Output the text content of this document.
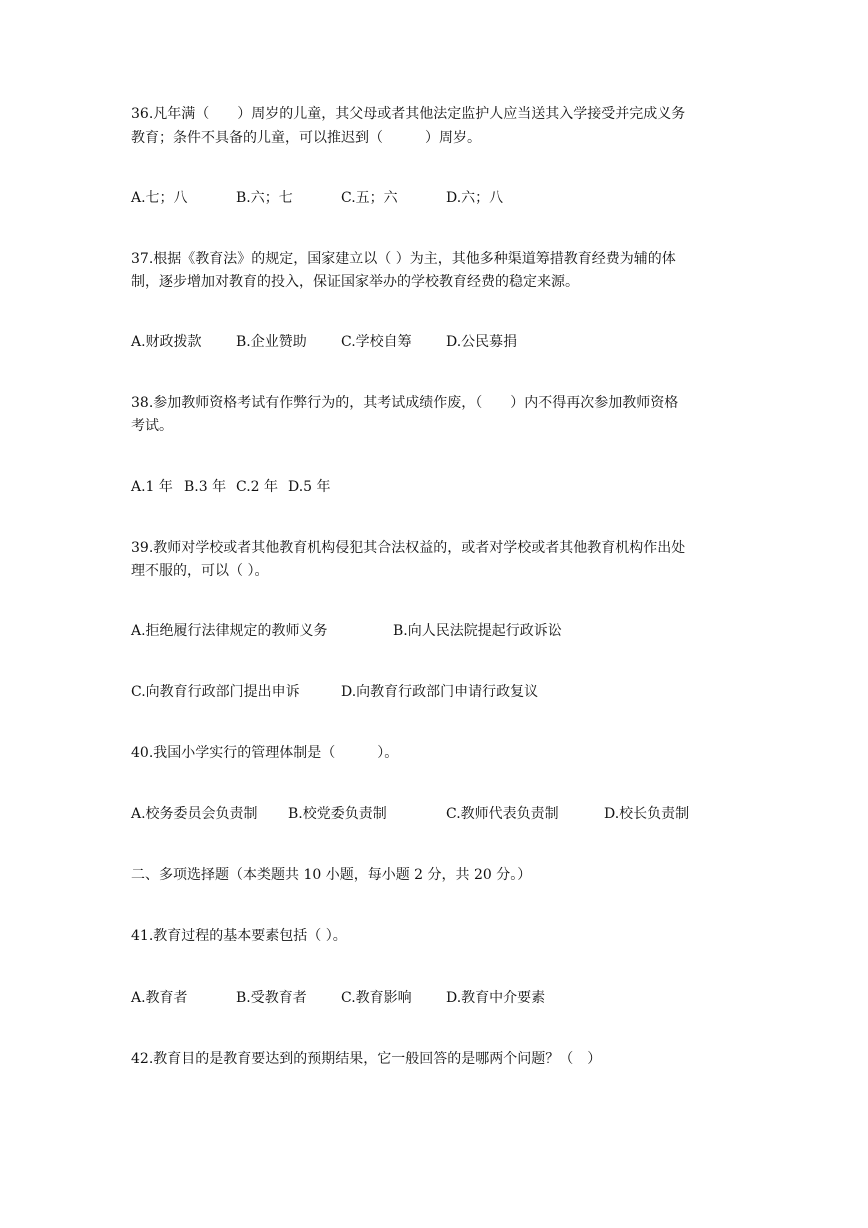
36.凡年满（　　）周岁的儿童，其父母或者其他法定监护人应当送其入学接受并完成义务
教育；条件不具备的儿童，可以推迟到（　　　）周岁。
A.七；八	B.六；七	C.五；六	D.六；八
37.根据《教育法》的规定，国家建立以（ ）为主，其他多种渠道筹措教育经费为辅的体
制，逐步增加对教育的投入，保证国家举办的学校教育经费的稳定来源。
A.财政拨款 B.企业赞助 C.学校自筹 D.公民募捐
38.参加教师资格考试有作弊行为的，其考试成绩作废，（　　）内不得再次参加教师资格
考试。
A.1 年 B.3 年 C.2 年 D.5 年
39.教师对学校或者其他教育机构侵犯其合法权益的，或者对学校或者其他教育机构作出处
理不服的，可以（ ）。
A.拒绝履行法律规定的教师义务	B.向人民法院提起行政诉讼
C.向教育行政部门提出申诉	D.向教育行政部门申请行政复议
40.我国小学实行的管理体制是（　　　）。
A.校务委员会负责制 B.校党委负责制	C.教师代表负责制	D.校长负责制
二、多项选择题（本类题共 10 小题，每小题 2 分，共 20 分。）
41.教育过程的基本要素包括（ ）。
A.教育者	B.受教育者 C.教育影响 D.教育中介要素
42.教育目的是教育要达到的预期结果，它一般回答的是哪两个问题？（　）
